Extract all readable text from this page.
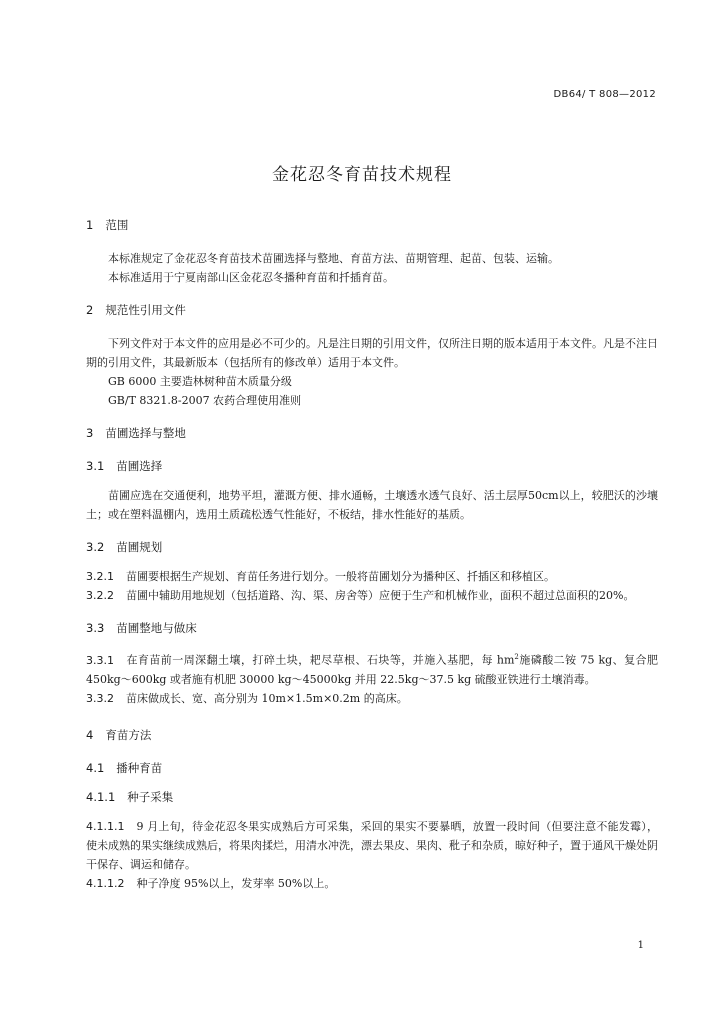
DB64/ T 808—2012
金花忍冬育苗技术规程
1 范围
本标准规定了金花忍冬育苗技术苗圃选择与整地、育苗方法、苗期管理、起苗、包装、运输。
本标准适用于宁夏南部山区金花忍冬播种育苗和扦插育苗。
2 规范性引用文件
下列文件对于本文件的应用是必不可少的。凡是注日期的引用文件，仅所注日期的版本适用于本文件。凡是不注日期的引用文件，其最新版本（包括所有的修改单）适用于本文件。
GB 6000 主要造林树种苗木质量分级
GB/T 8321.8-2007 农药合理使用准则
3 苗圃选择与整地
3.1 苗圃选择
苗圃应选在交通便利，地势平坦，灌溉方便、排水通畅，土壤透水透气良好、活土层厚50cm以上，较肥沃的沙壤土；或在塑料温棚内，选用土质疏松透气性能好，不板结，排水性能好的基质。
3.2 苗圃规划
3.2.1 苗圃要根据生产规划、育苗任务进行划分。一般将苗圃划分为播种区、扦插区和移植区。
3.2.2 苗圃中辅助用地规划（包括道路、沟、渠、房舍等）应便于生产和机械作业，面积不超过总面积的20%。
3.3 苗圃整地与做床
3.3.1 在育苗前一周深翻土壤，打碎土块，耙尽草根、石块等，并施入基肥，每 $hm^2$施磷酸二铵 75 kg、复合肥 450kg～600kg 或者施有机肥 30000 kg～45000kg 并用 22.5kg～37.5 kg 硫酸亚铁进行土壤消毒。
3.3.2 苗床做成长、宽、高分别为 10m×1.5m×0.2m 的高床。
4 育苗方法
4.1 播种育苗
4.1.1 种子采集
4.1.1.1 9 月上旬，待金花忍冬果实成熟后方可采集，采回的果实不要暴晒，放置一段时间（但要注意不能发霉），使未成熟的果实继续成熟后，将果肉揉烂，用清水冲洗，漂去果皮、果肉、秕子和杂质，晾好种子，置于通风干燥处阴干保存、调运和储存。
4.1.1.2 种子净度 95%以上，发芽率 50%以上。
1
